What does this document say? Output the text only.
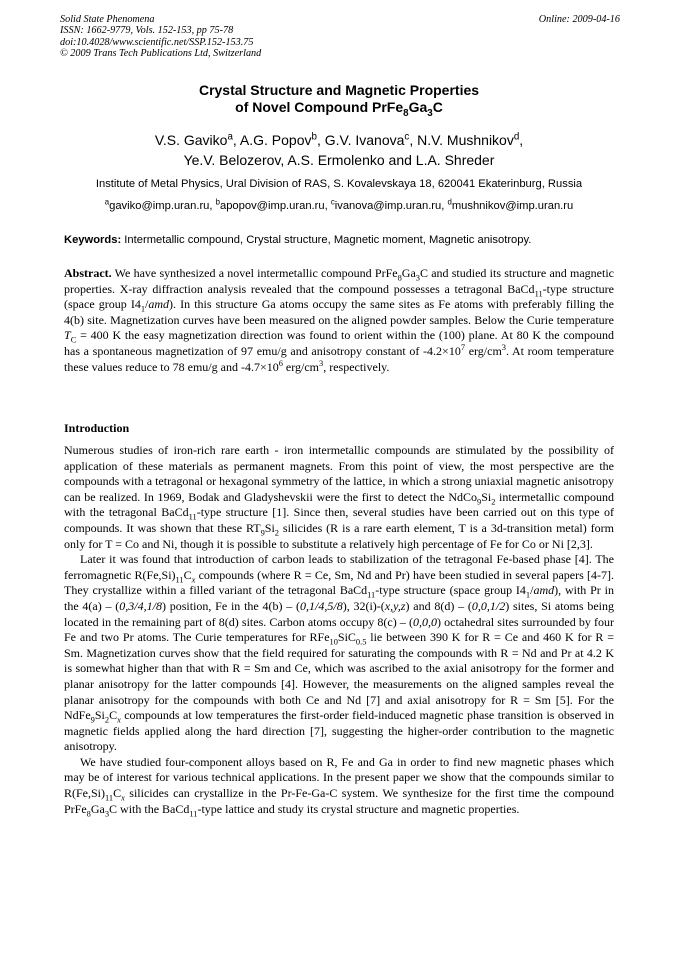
Solid State Phenomena
ISSN: 1662-9779, Vols. 152-153, pp 75-78
doi:10.4028/www.scientific.net/SSP.152-153.75
© 2009 Trans Tech Publications Ltd, Switzerland
Online: 2009-04-16
Crystal Structure and Magnetic Properties
of Novel Compound $PrFe_8Ga_3C$
V.S. Gaviko$^a$, A.G. Popov$^b$, G.V. Ivanova$^c$, N.V. Mushnikov$^d$,
Ye.V. Belozerov, A.S. Ermolenko and L.A. Shreder
Institute of Metal Physics, Ural Division of RAS, S. Kovalevskaya 18, 620041 Ekaterinburg, Russia
$^a$gaviko@imp.uran.ru, $^b$apopov@imp.uran.ru, $^c$ivanova@imp.uran.ru, $^d$mushnikov@imp.uran.ru
Keywords: Intermetallic compound, Crystal structure, Magnetic moment, Magnetic anisotropy.

Abstract. We have synthesized a novel intermetallic compound $PrFe_8Ga_3C$ and studied its structure and magnetic properties. X-ray diffraction analysis revealed that the compound possesses a tetragonal BaCd$_{11}$-type structure (space group $I4_1/amd$). In this structure Ga atoms occupy the same sites as Fe atoms with preferably filling the 4(b) site. Magnetization curves have been measured on the aligned powder samples. Below the Curie temperature $T_C = 400$ K the easy magnetization direction was found to orient within the (100) plane. At 80 K the compound has a spontaneous magnetization of 97 emu/g and anisotropy constant of $-4.2\times 10^7$ erg/$cm^3$. At room temperature these values reduce to 78 emu/g and $-4.7\times 10^6$ erg/$cm^3$, respectively.

Introduction

Numerous studies of iron-rich rare earth - iron intermetallic compounds are stimulated by the possibility of application of these materials as permanent magnets. From this point of view, the most perspective are the compounds with a tetragonal or hexagonal symmetry of the lattice, in which a strong uniaxial magnetic anisotropy can be realized. In 1969, Bodak and Gladyshevskii were the first to detect the $NdCo_9Si_2$ intermetallic compound with the tetragonal BaCd$_{11}$-type structure [1]. Since then, several studies have been carried out on this type of compounds. It was shown that these $RT_9Si_2$ silicides (R is a rare earth element, T is a 3d-transition metal) form only for T = Co and Ni, though it is possible to substitute a relatively high percentage of Fe for Co or Ni [2,3].

Later it was found that introduction of carbon leads to stabilization of the tetragonal Fe-based phase [4]. The ferromagnetic $R(Fe,Si)_{11}C_x$ compounds (where R = Ce, Sm, Nd and Pr) have been studied in several papers [4-7]. They crystallize within a filled variant of the tetragonal BaCd$_{11}$-type structure (space group $I4_1/amd$), with Pr in the 4(a) – (0,3/4,1/8) position, Fe in the 4(b) – (0,1/4,5/8), 32(i)-(x,y,z) and 8(d) – (0,0,1/2) sites, Si atoms being located in the remaining part of 8(d) sites. Carbon atoms occupy 8(c) – (0,0,0) octahedral sites surrounded by four Fe and two Pr atoms. The Curie temperatures for RFe$_{10}$SiC$_{0.5}$ lie between 390 K for R = Ce and 460 K for R = Sm. Magnetization curves show that the field required for saturating the compounds with R = Nd and Pr at 4.2 K is somewhat higher than that with R = Sm and Ce, which was ascribed to the axial anisotropy for the former and planar anisotropy for the latter compounds [4]. However, the measurements on the aligned samples reveal the planar anisotropy for the compounds with both Ce and Nd [7] and axial anisotropy for R = Sm [5]. For the $NdFe_9Si_2C_x$ compounds at low temperatures the first-order field-induced magnetic phase transition is observed in magnetic fields applied along the hard direction [7], suggesting the higher-order contribution to the magnetic anisotropy.

We have studied four-component alloys based on R, Fe and Ga in order to find new magnetic phases which may be of interest for various technical applications. In the present paper we show that the compounds similar to $R(Fe,Si)_{11}C_x$ silicides can crystallize in the Pr-Fe-Ga-C system. We synthesize for the first time the compound $PrFe_8Ga_3C$ with the BaCd$_{11}$-type lattice and study its crystal structure and magnetic properties.
